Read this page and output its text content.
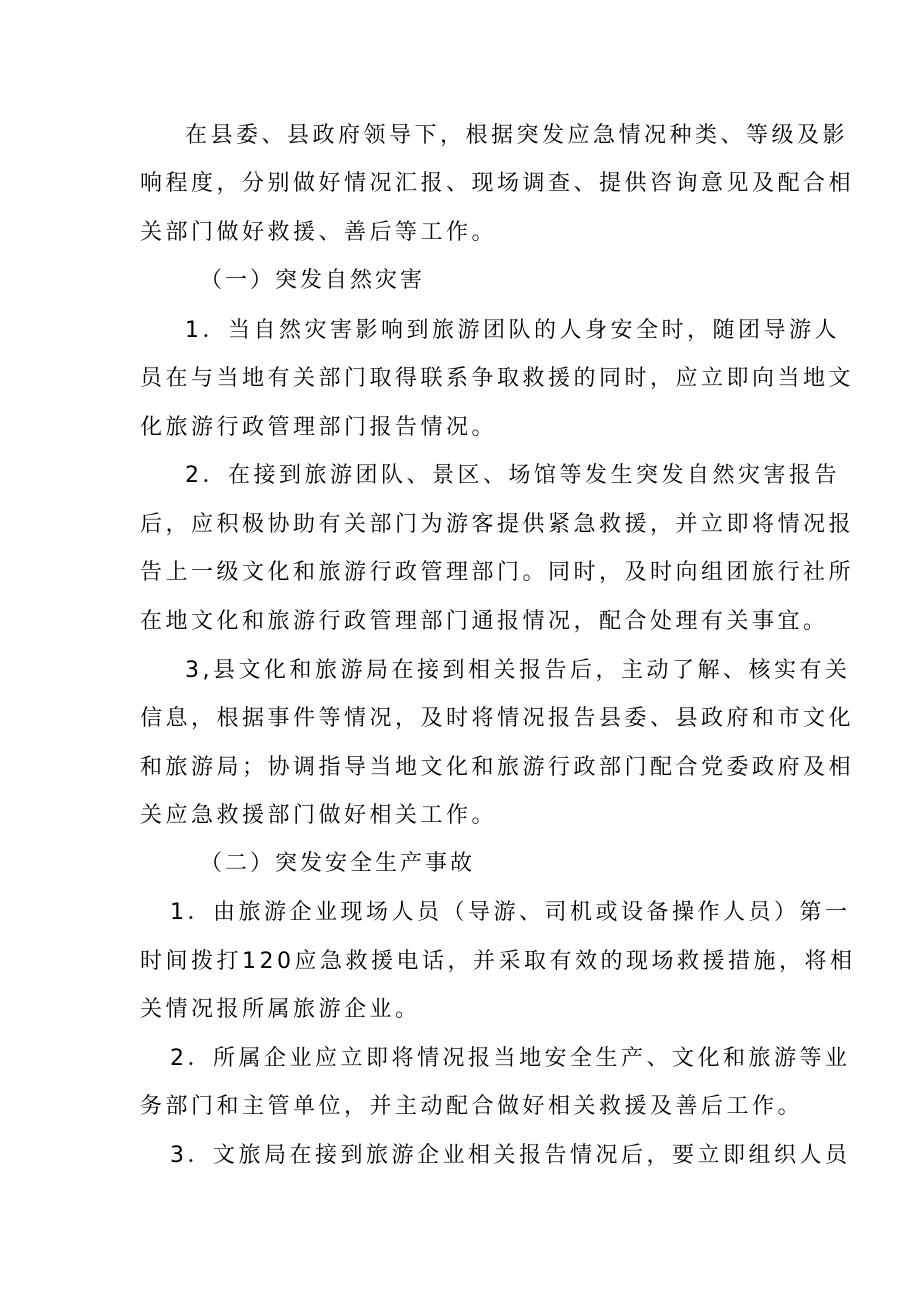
在县委、县政府领导下，根据突发应急情况种类、等级及影
响程度，分别做好情况汇报、现场调查、提供咨询意见及配合相
关部门做好救援、善后等工作。
（一）突发自然灾害
1．当自然灾害影响到旅游团队的人身安全时，随团导游人
员在与当地有关部门取得联系争取救援的同时，应立即向当地文
化旅游行政管理部门报告情况。
2．在接到旅游团队、景区、场馆等发生突发自然灾害报告
后，应积极协助有关部门为游客提供紧急救援，并立即将情况报
告上一级文化和旅游行政管理部门。同时，及时向组团旅行社所
在地文化和旅游行政管理部门通报情况，配合处理有关事宜。
3,县文化和旅游局在接到相关报告后，主动了解、核实有关
信息，根据事件等情况，及时将情况报告县委、县政府和市文化
和旅游局；协调指导当地文化和旅游行政部门配合党委政府及相
关应急救援部门做好相关工作。
（二）突发安全生产事故
1．由旅游企业现场人员（导游、司机或设备操作人员）第一
时间拨打120应急救援电话，并采取有效的现场救援措施，将相
关情况报所属旅游企业。
2．所属企业应立即将情况报当地安全生产、文化和旅游等业
务部门和主管单位，并主动配合做好相关救援及善后工作。
3．文旅局在接到旅游企业相关报告情况后，要立即组织人员
